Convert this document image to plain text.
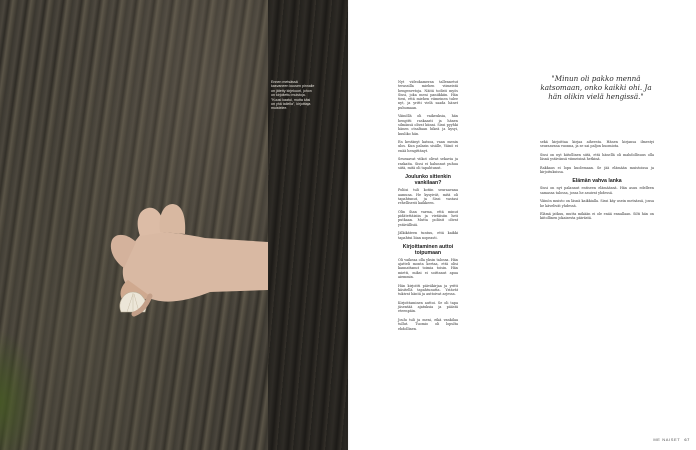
Ennen metsässä kasvaneen kuusen pinnalle on jätetty kirjekuori, johon on kirjoitettu muistoja. "Kuusi kaatui, mutta käsi on yhä tallella", kirjoittaja muistelee.

Nyt videokameran tallennetut terassilla miehen viimeistä hengenvetoja. Näitä todisti myös Sissi, joka meni paniikkiin. Hän tiesi, että miehen viimeinen tulee nyt, ja yritti vielä saada hänet puhumaan.

Väinöllä oli vaikeuksia, hän hengitti raskaasti ja hänen silmänsä olivat kiinni. Sissi pyyhki hänen otsaltaan hikeä ja kysyi, kuuliko hän.

En kestänyt katsoa, vaan menin ulos. Kun palasin sisälle, Väinö ei enää hengittänyt.

Seuraavat viikot olivat sekavia ja raskaita. Sissi ei halunnut puhua siitä, mitä oli tapahtunut.

Joulunko sittenkin vankilaan?

Poliisi tuli kotiin seuraavana aamuna. He kysyivät, mitä oli tapahtunut, ja Sissi vastasi rehellisesti kaikkeen.

Olin ihan varma, että minut pidätettäisiin ja vietäisiin heti putkaan. Mutta poliisit olivat ystävällisiä.

Jälkikäteen tuntuu, että kaikki tapahtui liian nopeasti.

Kirjoittaminen auttoi toipumaan

Oli vaikeaa olla yksin talossa. Hän ajatteli monta kertaa, että olisi kannattanut toimia toisin. Hän mietti, miksi ei soittanut apua aiemmin.

Hän kirjoitti päiväkirjaa ja yritti käsitellä tapahtunutta. Ystävät tukivat häntä ja auttoivat arjessa.

Kirjoittaminen auttoi. Se oli tapa jäsentää ajatuksia ja päästä eteenpäin.

Joulu tuli ja meni, eikä vankilaa tullut. Tuomio oli lopulta ehdollinen.

"Minun oli pakko mennä katsomaan, onko kaikki ohi. Ja hän olikin vielä hengissä."

sekä kirjoittaa kirjaa aiheesta. Hänen kirjansa ilmestyi seuraavana vuonna, ja se sai paljon huomiota.

Sissi on nyt kiitollinen siitä, että hänellä oli mahdollisuus olla läsnä ystävänsä viimeisinä hetkinä.

Rakkaus ei lopu kuolemaan. Se jää elämään muistoissa ja kirjoituksissa.

Elämän vahva lanka

Sissi on nyt palannut entiseen elämäänsä. Hän asuu edelleen samassa talossa, jossa he asuivat yhdessä.

Väinön muisto on läsnä kaikkialla. Sissi käy usein metsässä, jossa he kävelivät yhdessä.

Elämä jatkuu, mutta mikään ei ole enää ennallaan. Silti hän on kiitollinen jokaisesta päivästä.

ME NAISET 67
